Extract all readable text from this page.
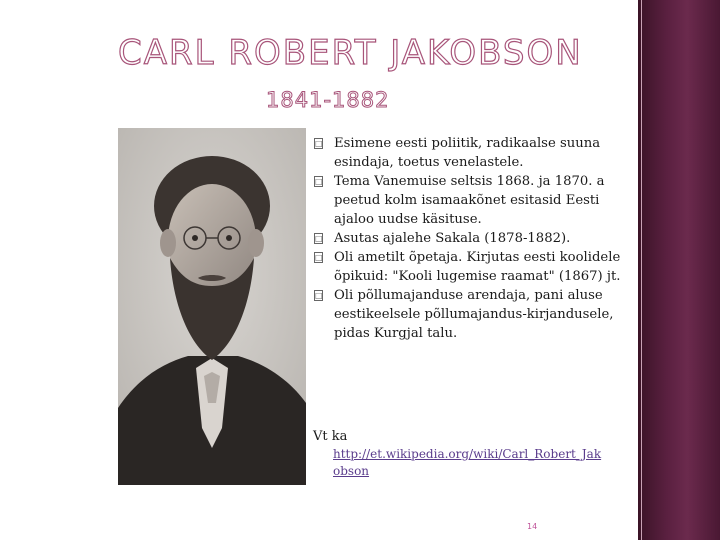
CARL ROBERT JAKOBSON
1841-1882
□ Esimene eesti poliitik, radikaalse suuna esindaja, toetus venelastele.
□ Tema Vanemuise seltsis 1868. ja 1870. a peetud kolm isamaakõnet esitasid Eesti ajaloo uudse käsituse.
□ Asutas ajalehe Sakala (1878-1882).
□ Oli ametilt õpetaja. Kirjutas eesti koolidele õpikuid: "Kooli lugemise raamat" (1867) jt.
□ Oli põllumajanduse arendaja, pani aluse eestikeelsele põllumajandus-kirjandusele, pidas Kurgjal talu.
Vt ka
http://et.wikipedia.org/wiki/Carl_Robert_Jakobson
14
